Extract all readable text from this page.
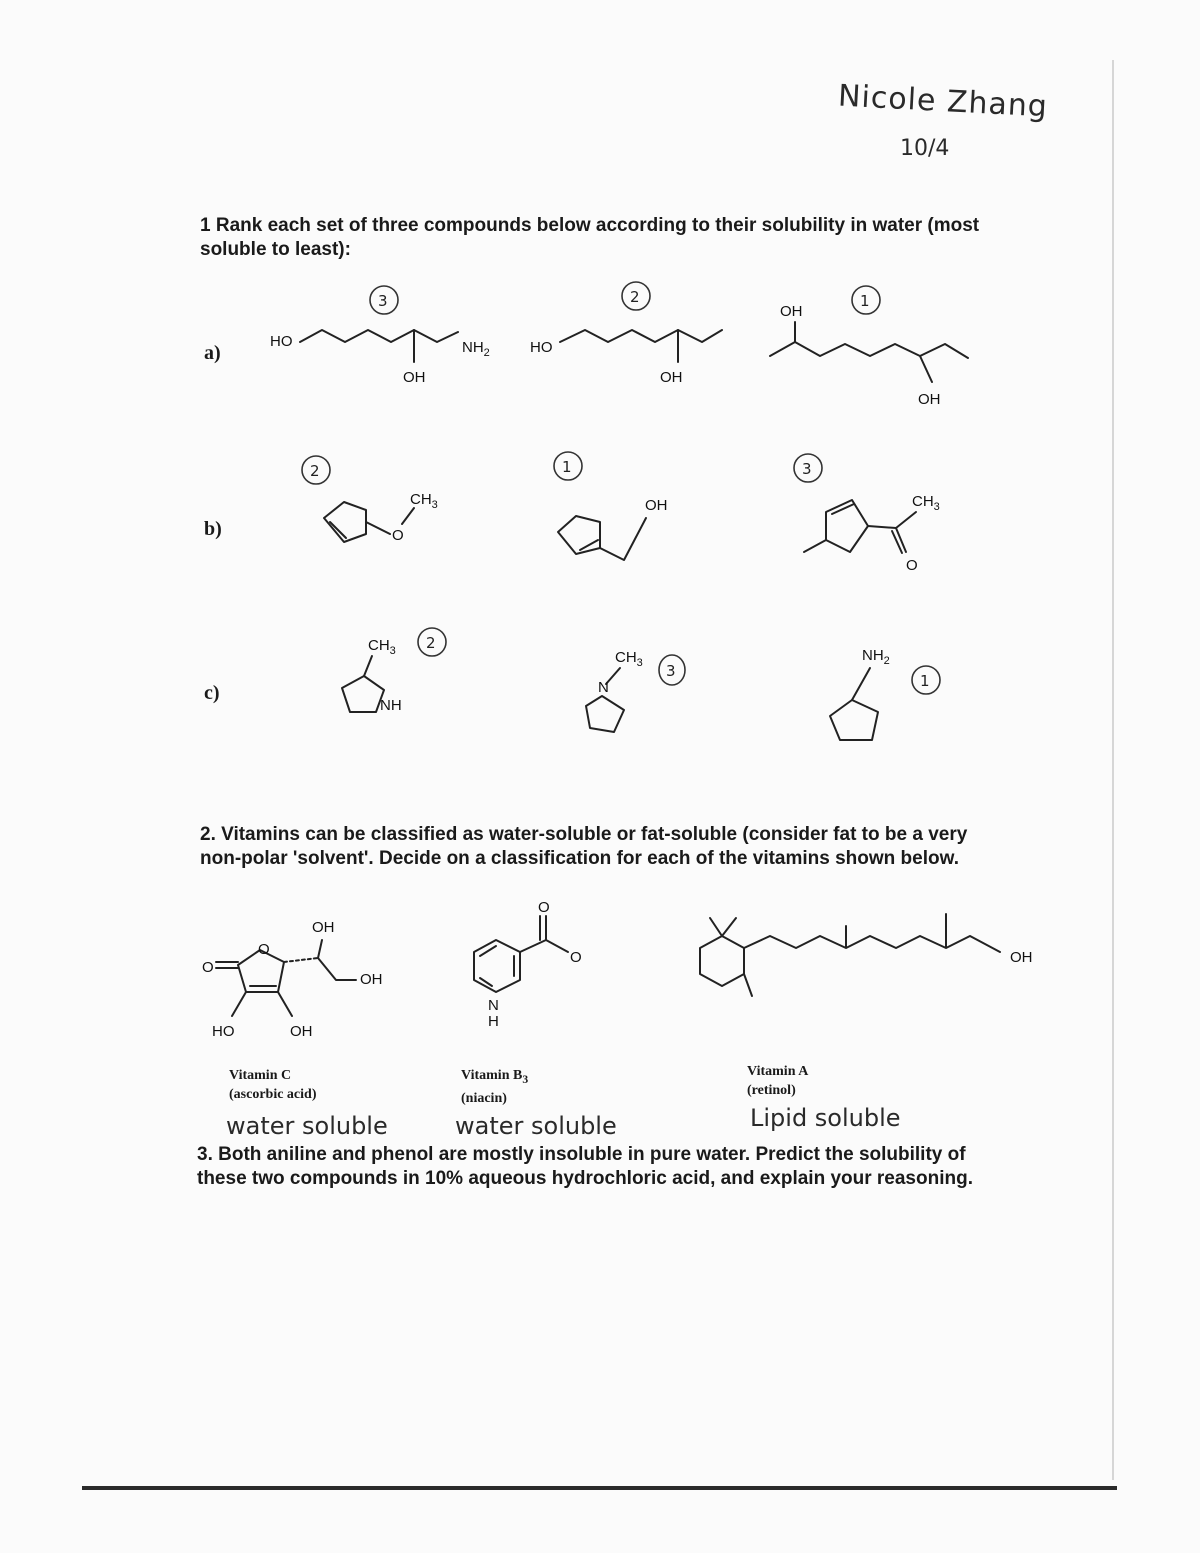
Nicole Zhang
10/4

1 Rank each set of three compounds below according to their solubility in water (most soluble to least):

a)
b)
c)
HO
OH
$NH_2$
3
HO
OH
2
OH
OH
1
O
$CH_3$
2
OH
1
O
$CH_3$
3
$CH_3$
NH
2
$CH_3$
N
3
$NH_2$
1
O
O
HO	OH
OH
OH
O
O
N
H
OH

2. Vitamins can be classified as water-soluble or fat-soluble (consider fat to be a very non-polar 'solvent'. Decide on a classification for each of the vitamins shown below.

Vitamin C
(ascorbic acid)
Vitamin $B_3$
(niacin)
Vitamin A
(retinol)
water soluble	water soluble	Lipid soluble

3. Both aniline and phenol are mostly insoluble in pure water. Predict the solubility of these two compounds in 10% aqueous hydrochloric acid, and explain your reasoning.
